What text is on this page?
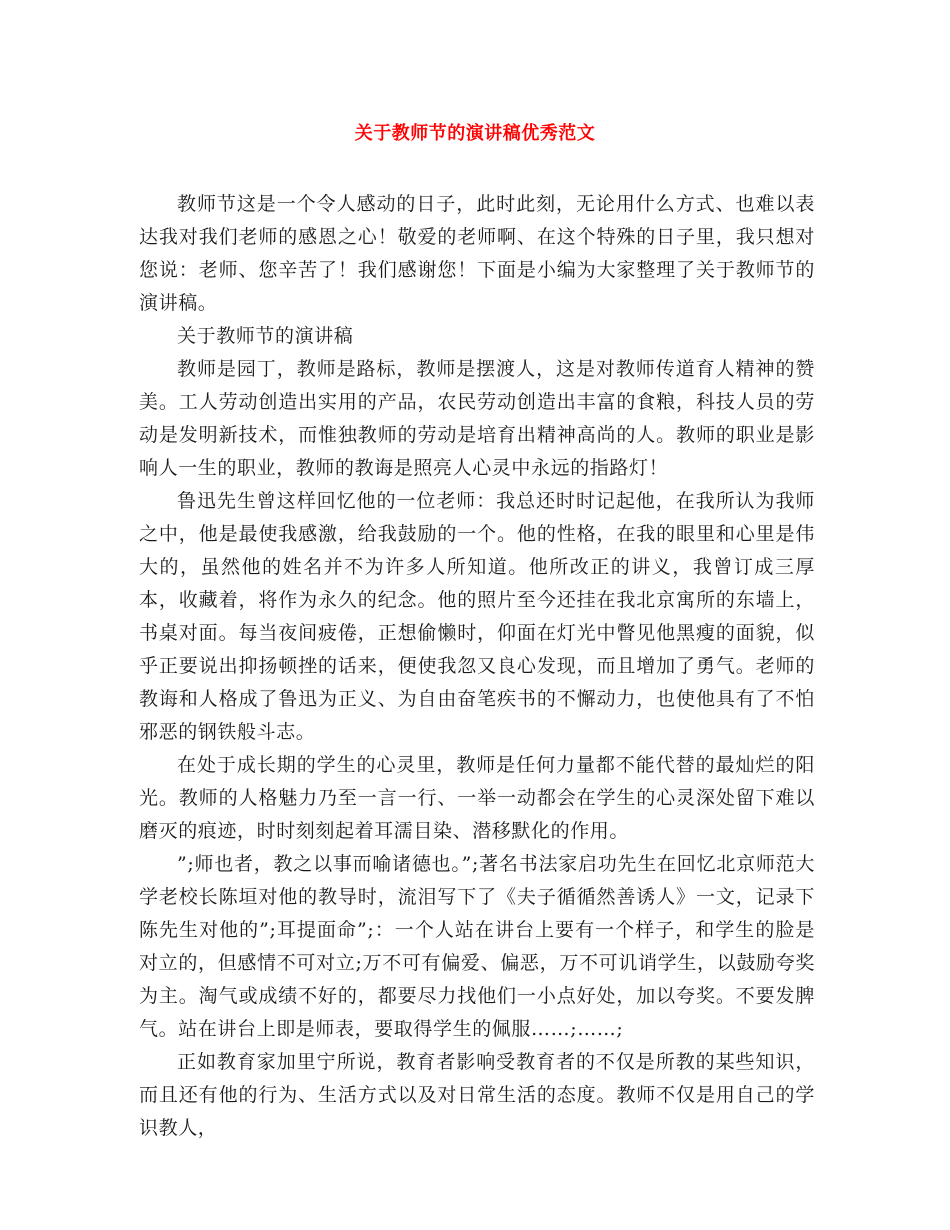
关于教师节的演讲稿优秀范文

教师节这是一个令人感动的日子，此时此刻，无论用什么方式、也难以表达我对我们老师的感恩之心！敬爱的老师啊、在这个特殊的日子里，我只想对您说：老师、您辛苦了！我们感谢您！下面是小编为大家整理了关于教师节的演讲稿。

关于教师节的演讲稿

教师是园丁，教师是路标，教师是摆渡人，这是对教师传道育人精神的赞美。工人劳动创造出实用的产品，农民劳动创造出丰富的食粮，科技人员的劳动是发明新技术，而惟独教师的劳动是培育出精神高尚的人。教师的职业是影响人一生的职业，教师的教诲是照亮人心灵中永远的指路灯！

鲁迅先生曾这样回忆他的一位老师：我总还时时记起他，在我所认为我师之中，他是最使我感激，给我鼓励的一个。他的性格，在我的眼里和心里是伟大的，虽然他的姓名并不为许多人所知道。他所改正的讲义，我曾订成三厚本，收藏着，将作为永久的纪念。他的照片至今还挂在我北京寓所的东墙上，书桌对面。每当夜间疲倦，正想偷懒时，仰面在灯光中瞥见他黑瘦的面貌，似乎正要说出抑扬顿挫的话来，便使我忽又良心发现，而且增加了勇气。老师的教诲和人格成了鲁迅为正义、为自由奋笔疾书的不懈动力，也使他具有了不怕邪恶的钢铁般斗志。

在处于成长期的学生的心灵里，教师是任何力量都不能代替的最灿烂的阳光。教师的人格魅力乃至一言一行、一举一动都会在学生的心灵深处留下难以磨灭的痕迹，时时刻刻起着耳濡目染、潜移默化的作用。

”;师也者，教之以事而喻诸德也。”;著名书法家启功先生在回忆北京师范大学老校长陈垣对他的教导时，流泪写下了《夫子循循然善诱人》一文，记录下陈先生对他的”;耳提面命”;：一个人站在讲台上要有一个样子，和学生的脸是对立的，但感情不可对立;万不可有偏爱、偏恶，万不可讥诮学生，以鼓励夸奖为主。淘气或成绩不好的，都要尽力找他们一小点好处，加以夸奖。不要发脾气。站在讲台上即是师表，要取得学生的佩服……;……;

正如教育家加里宁所说，教育者影响受教育者的不仅是所教的某些知识，而且还有他的行为、生活方式以及对日常生活的态度。教师不仅是用自己的学识教人，
